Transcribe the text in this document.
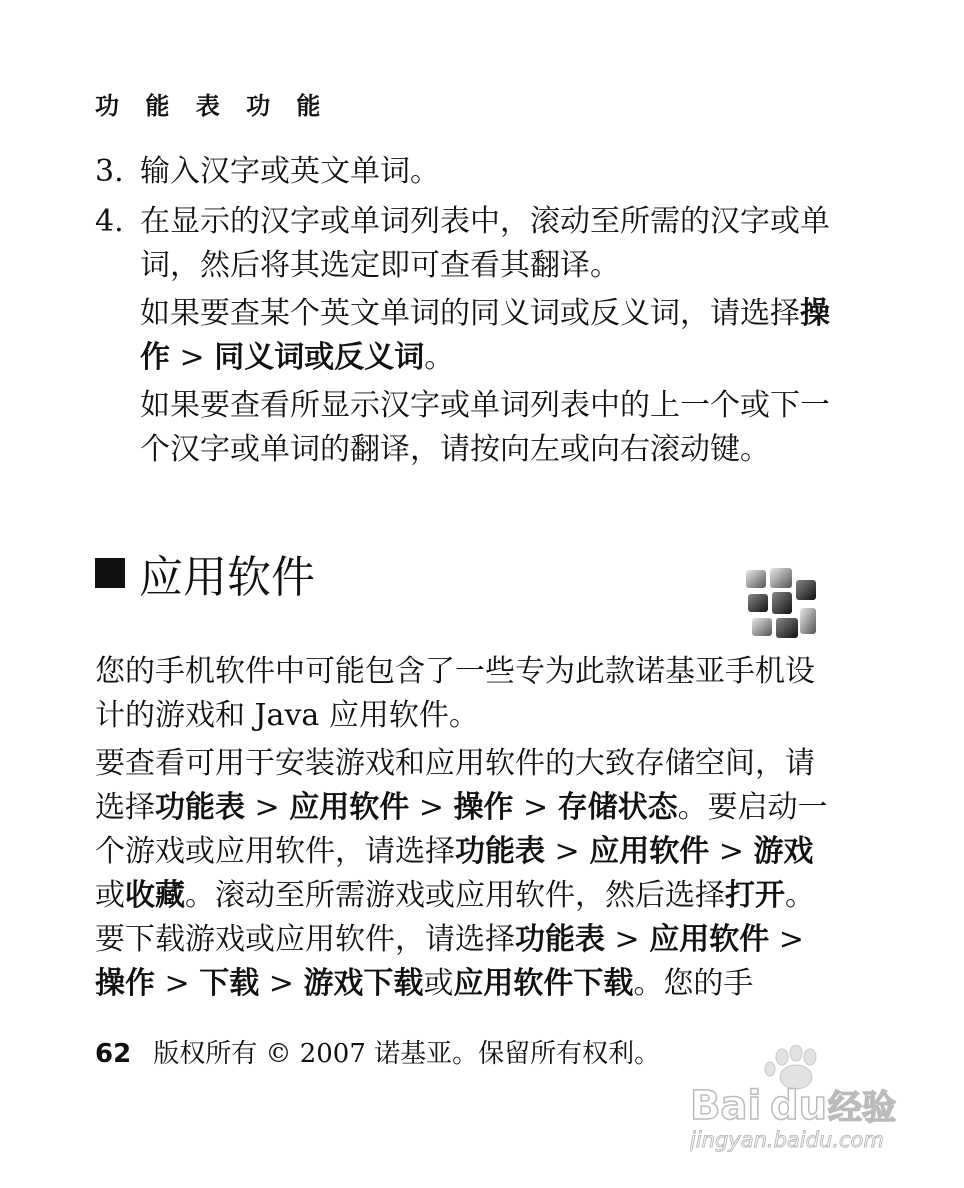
功 能 表 功 能
3. 输入汉字或英文单词。
4. 在显示的汉字或单词列表中，滚动至所需的汉字或单词，然后将其选定即可查看其翻译。
如果要查某个英文单词的同义词或反义词，请选择操作 > 同义词或反义词。
如果要查看所显示汉字或单词列表中的上一个或下一个汉字或单词的翻译，请按向左或向右滚动键。
应用软件
您的手机软件中可能包含了一些专为此款诺基亚手机设计的游戏和 Java 应用软件。
要查看可用于安装游戏和应用软件的大致存储空间，请选择功能表 > 应用软件 > 操作 > 存储状态。要启动一个游戏或应用软件，请选择功能表 > 应用软件 > 游戏或收藏。滚动至所需游戏或应用软件，然后选择打开。要下载游戏或应用软件，请选择功能表 > 应用软件 > 操作 > 下载 > 游戏下载或应用软件下载。您的手
62 版权所有 © 2007 诺基亚。保留所有权利。
Bai du 经验
jingyan.baidu.com
